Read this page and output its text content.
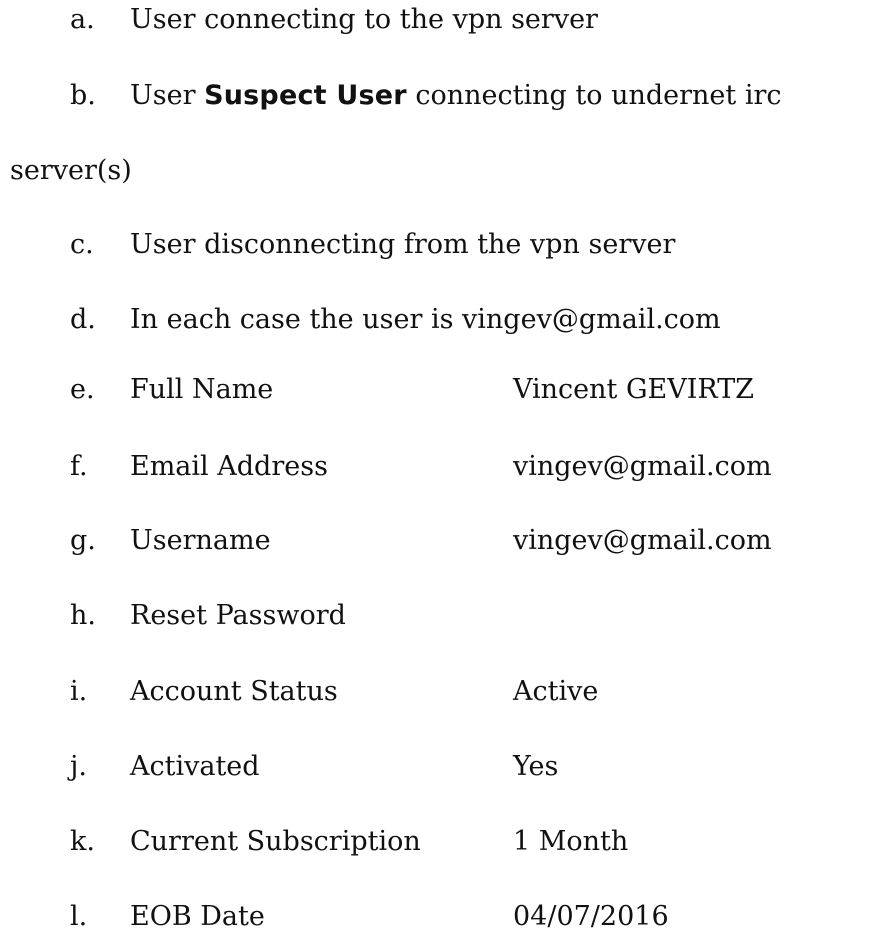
a. User connecting to the vpn server
b. User Suspect User connecting to undernet irc
server(s)
c. User disconnecting from the vpn server
d. In each case the user is vingev@gmail.com
e. Full Name	Vincent GEVIRTZ
f. Email Address	vingev@gmail.com
g. Username	vingev@gmail.com
h. Reset Password
i. Account Status	Active
j. Activated	Yes
k. Current Subscription	1 Month
l. EOB Date	04/07/2016
